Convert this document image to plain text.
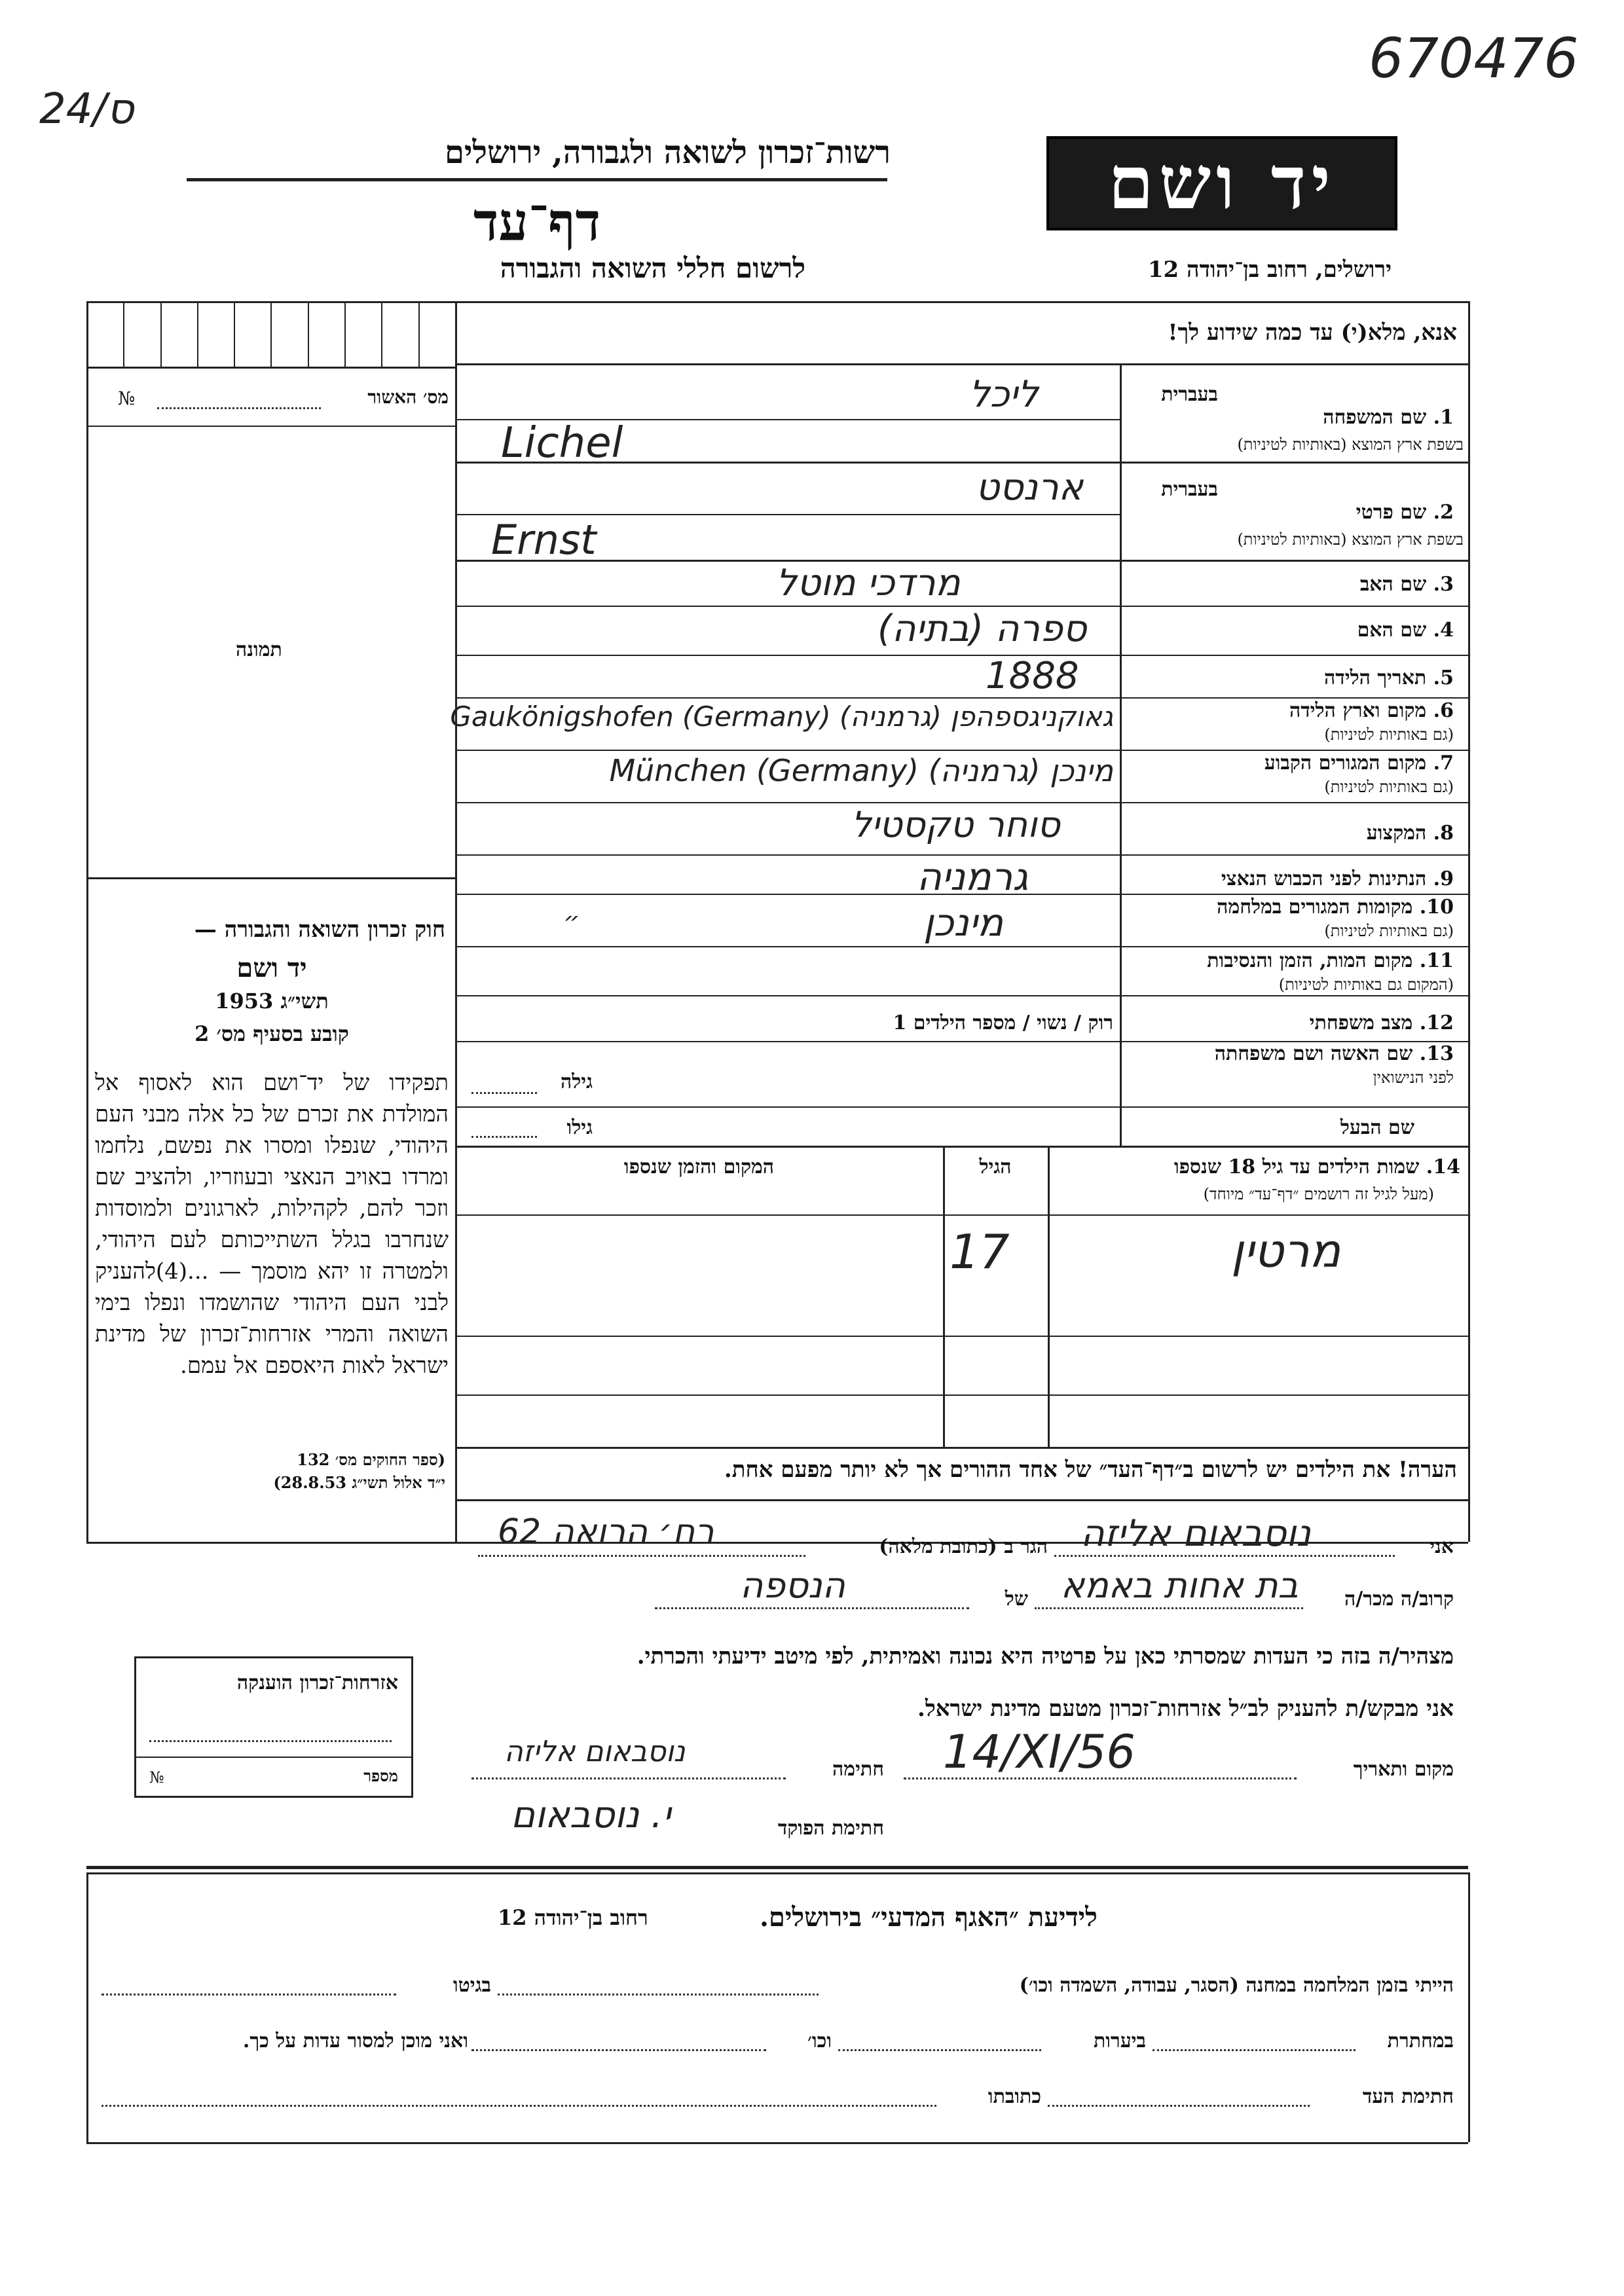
24/ס
670476
רשות־זכרון לשואה ולגבורה, ירושלים
דף־עד
לרשום חללי השואה והגבורה
יד ושם
ירושלים, רחוב בן־יהודה 12
№	מס׳ האשור
תמונה
חוק זכרון השואה והגבורה —
יד ושם
תשי״ג 1953
קובע בסעיף מס׳ 2
תפקידו של יד־ושם הוא לאסוף אל המולדת את זכרם של כל אלה מבני העם היהודי, שנפלו ומסרו את נפשם, נלחמו ומרדו באויב הנאצי ובעוזריו, ולהציב שם וזכר להם, לקהילות, לארגונים ולמוסדות שנחרבו בגלל השתייכותם לעם היהודי, ולמטרה זו יהא מוסמך — ...(4)להעניק לבני העם היהודי שהושמדו ונפלו בימי השואה והמרי אזרחות־זכרון של מדינת ישראל לאות היאספם אל עמם.
(ספר החוקים מס׳ 132
י״ד אלול תשי״ג 28.8.53)
אנא, מלא(י) עד כמה שידוע לך!
בעברית
1. שם המשפחה
בשפת ארץ המוצא (באותיות לטיניות)
ליכל
Lichel
בעברית
2. שם פרטי
בשפת ארץ המוצא (באותיות לטיניות)
ארנסט
Ernst
3. שם האב
מרדכי מוטל
4. שם האם
ספרה (בתיה)
5. תאריך הלידה
1888
6. מקום וארץ הלידה
(גם באותיות לטיניות)
גאוקניגספהפן (גרמניה) Gaukönigshofen (Germany)
7. מקום המגורים הקבוע
(גם באותיות לטיניות)
מינכן (גרמניה) München (Germany)
8. המקצוע
סוחר טקסטיל
9. הנתינות לפני הכבוש הנאצי
גרמניה
10. מקומות המגורים במלחמה
(גם באותיות לטיניות)
מינכן
11. מקום המות, הזמן והנסיבות
(המקום גם באותיות לטיניות)
״
12. מצב משפחתי
רוק / נשוי / מספר הילדים 1
13. שם האשה ושם משפחתה
לפני הנישואין
גילה
שם הבעל
גילו
14. שמות הילדים עד גיל 18 שנספו
(מעל לגיל זה רושמים ״דף־עד״ מיוחד)
הגיל
המקום והזמן שנספו
מרטין
17
הערה! את הילדים יש לרשום ב״דף־העד״ של אחד ההורים אך לא יותר מפעם אחת.
אני
נוסבאום אליזה
הגר ב (כתובת מלאה)
רח׳ הרואה 62
קרוב/ה מכר/ה
בת אחות באמא
של
הנספה
מצהיר/ה בזה כי העדות שמסרתי כאן על פרטיה היא נכונה ואמיתית, לפי מיטב ידיעתי והכרתי.
אני מבקש/ת להעניק לב״ל אזרחות־זכרון מטעם מדינת ישראל.
מקום ותאריך
14/XI/56
חתימה
נוסבאום אליזה
חתימת הפוקד
י. נוסבאום
אזרחות־זכרון הוענקה
№	מספר
לידיעת ״האגף המדעי״ בירושלים.
רחוב בן־יהודה 12
הייתי בזמן המלחמה במחנה (הסגר, עבודה, השמדה וכו׳)
בגיטו
במחתרת
ביערות
וכו׳
ואני מוכן למסור עדות על כך.
חתימת העד
כתובתו
